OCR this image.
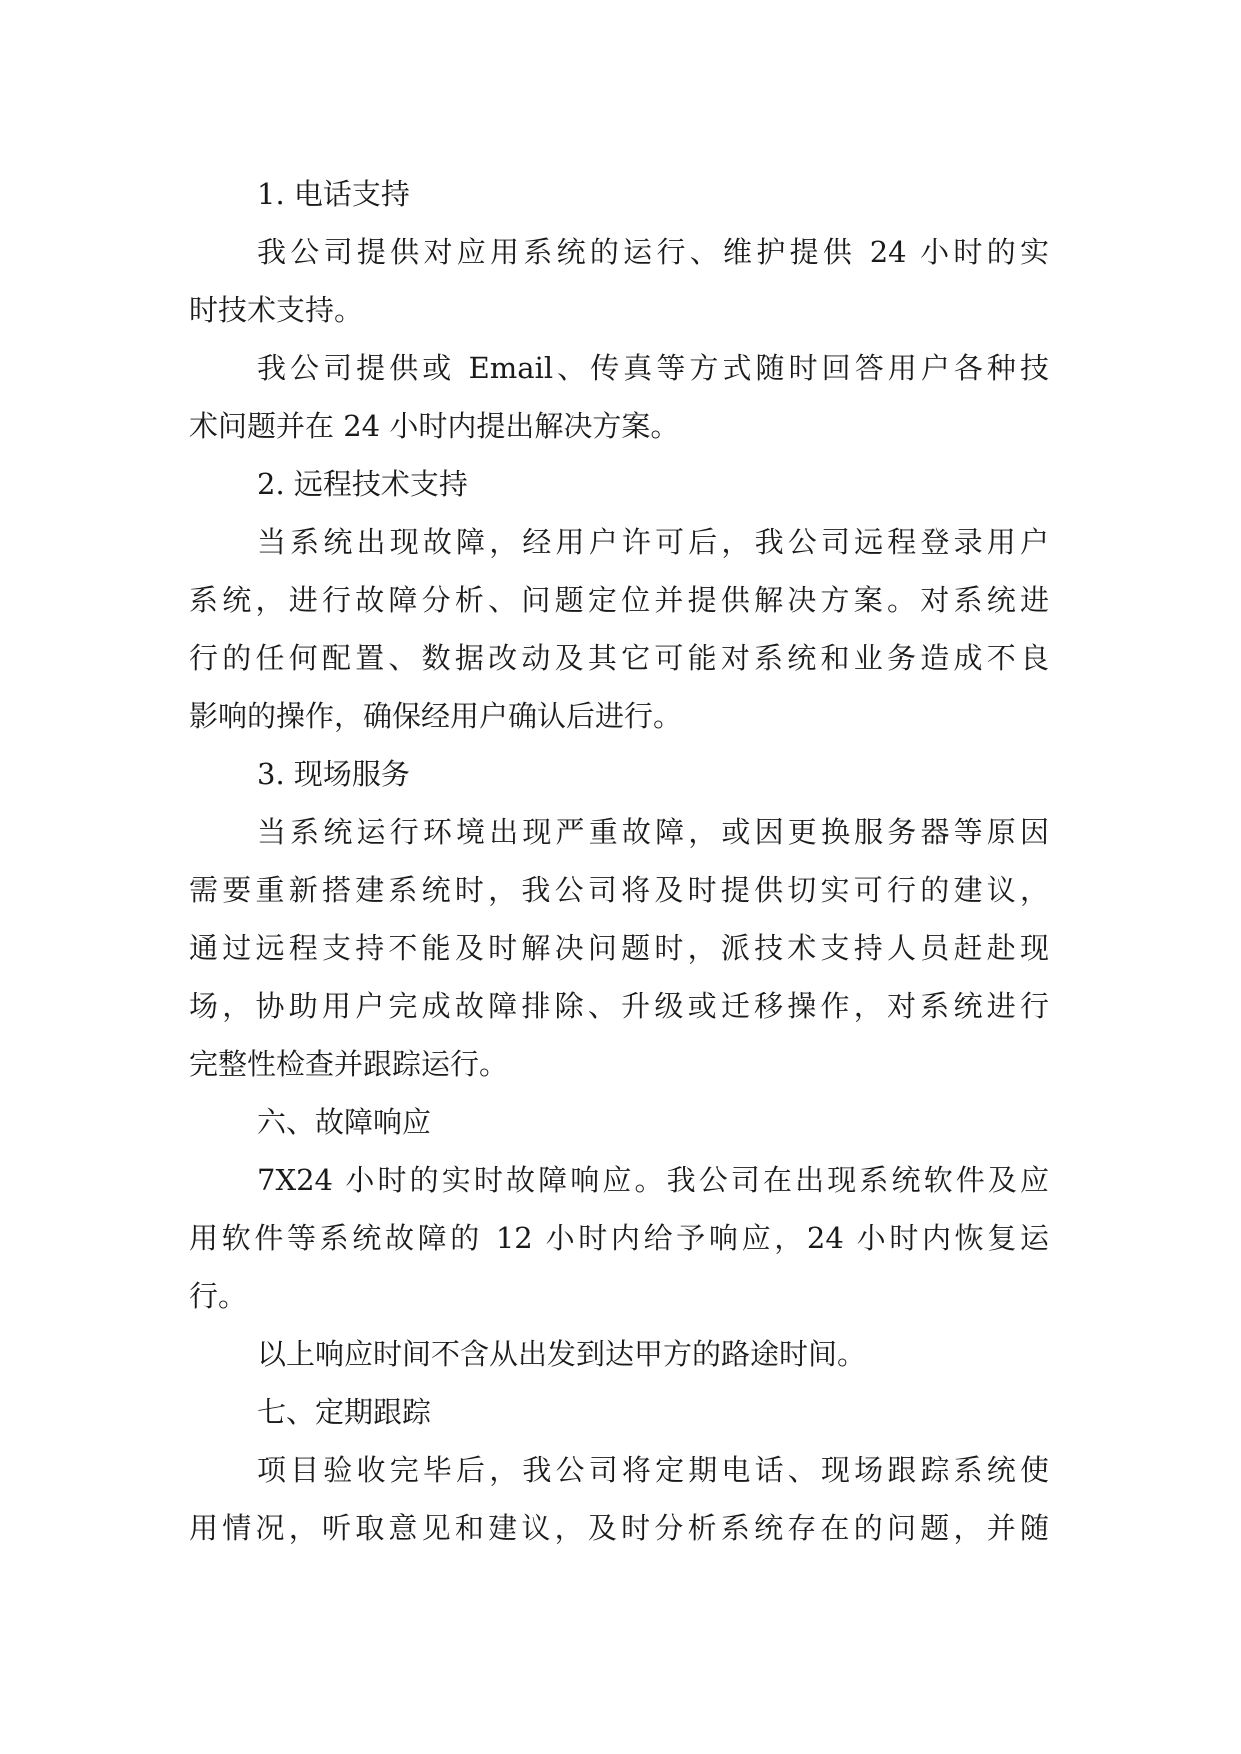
1. 电话支持
我公司提供对应用系统的运行、维护提供 24 小时的实
时技术支持。
我公司提供或 Email、传真等方式随时回答用户各种技
术问题并在 24 小时内提出解决方案。
2. 远程技术支持
当系统出现故障，经用户许可后，我公司远程登录用户
系统，进行故障分析、问题定位并提供解决方案。对系统进
行的任何配置、数据改动及其它可能对系统和业务造成不良
影响的操作，确保经用户确认后进行。
3. 现场服务
当系统运行环境出现严重故障，或因更换服务器等原因
需要重新搭建系统时，我公司将及时提供切实可行的建议，
通过远程支持不能及时解决问题时，派技术支持人员赶赴现
场，协助用户完成故障排除、升级或迁移操作，对系统进行
完整性检查并跟踪运行。
六、故障响应
7X24 小时的实时故障响应。我公司在出现系统软件及应
用软件等系统故障的 12 小时内给予响应，24 小时内恢复运
行。
以上响应时间不含从出发到达甲方的路途时间。
七、定期跟踪
项目验收完毕后，我公司将定期电话、现场跟踪系统使
用情况，听取意见和建议，及时分析系统存在的问题，并随
